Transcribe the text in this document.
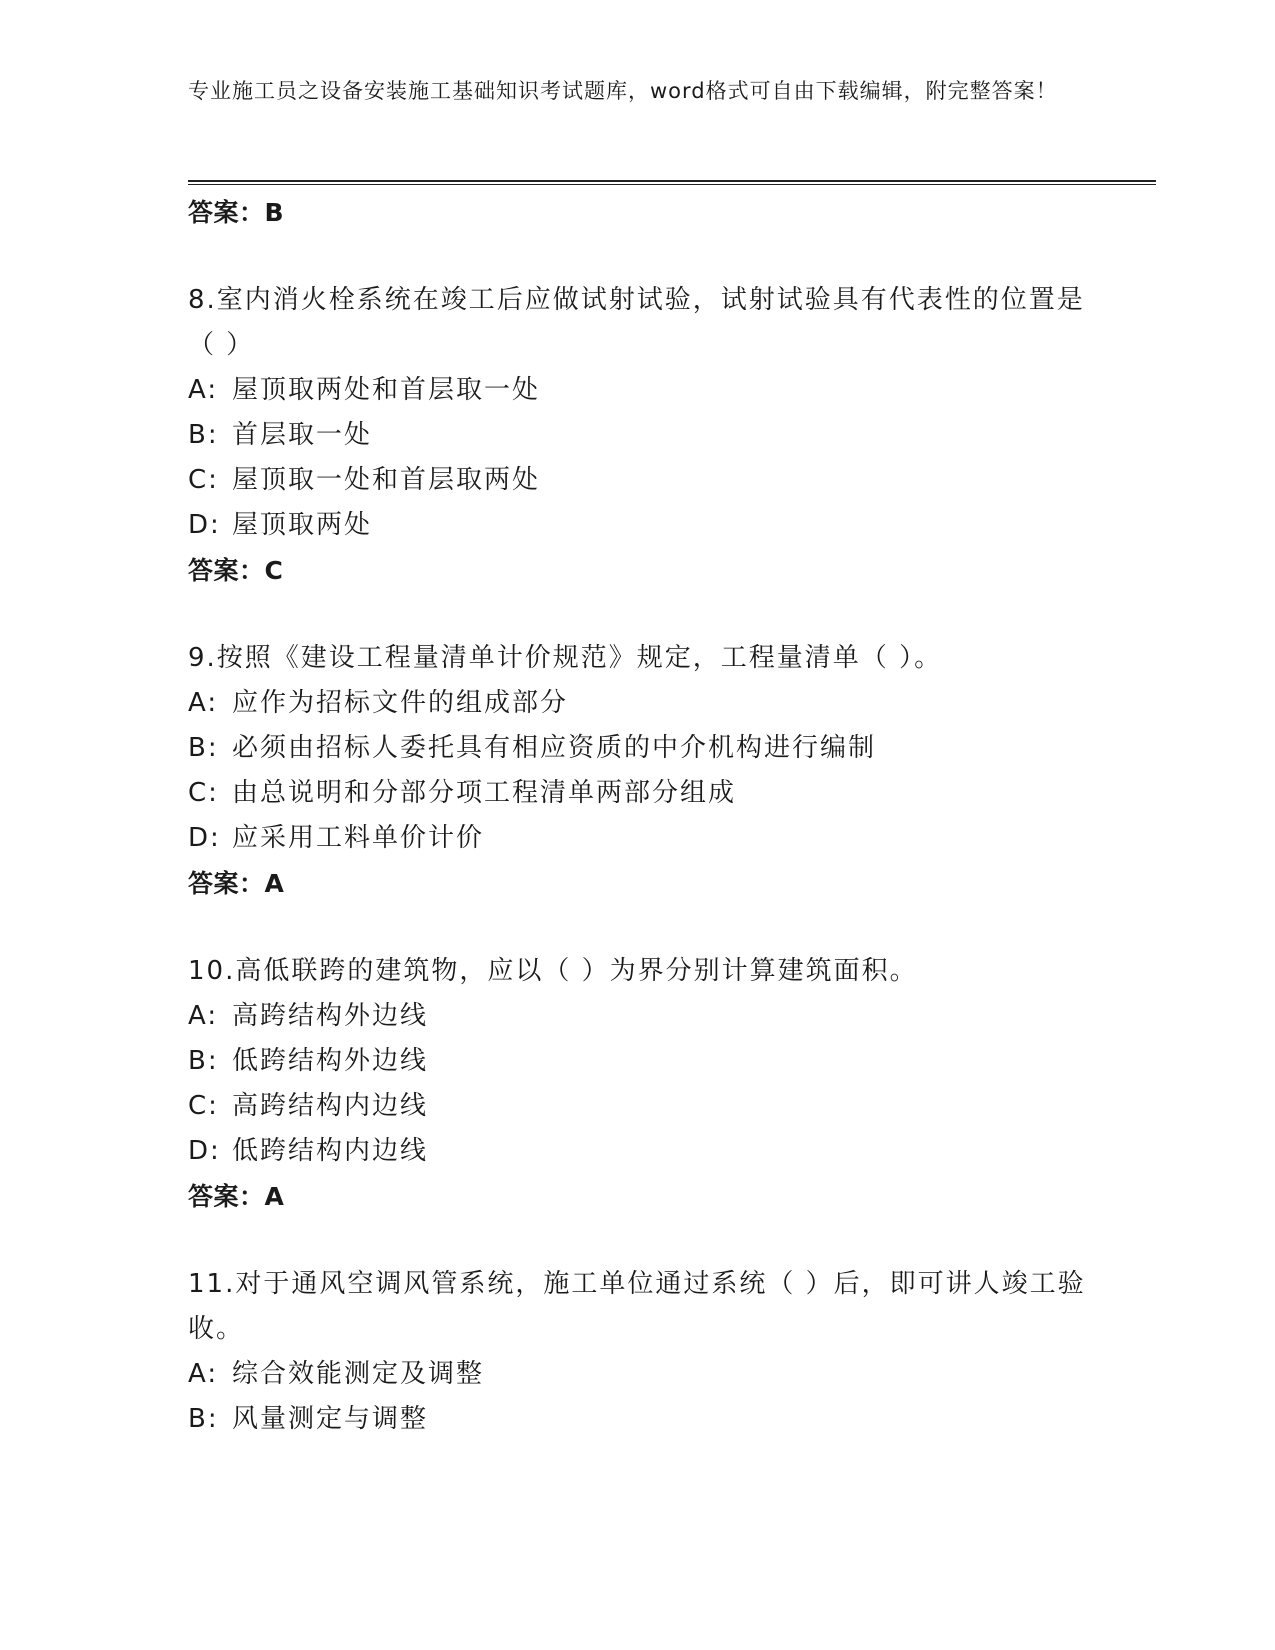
专业施工员之设备安装施工基础知识考试题库，word格式可自由下载编辑，附完整答案！
答案：B
8.室内消火栓系统在竣工后应做试射试验，试射试验具有代表性的位置是（ ）
A: 屋顶取两处和首层取一处
B: 首层取一处
C: 屋顶取一处和首层取两处
D: 屋顶取两处
答案：C
9.按照《建设工程量清单计价规范》规定，工程量清单（ ）。
A: 应作为招标文件的组成部分
B: 必须由招标人委托具有相应资质的中介机构进行编制
C: 由总说明和分部分项工程清单两部分组成
D: 应采用工料单价计价
答案：A
10.高低联跨的建筑物，应以（ ）为界分别计算建筑面积。
A: 高跨结构外边线
B: 低跨结构外边线
C: 高跨结构内边线
D: 低跨结构内边线
答案：A
11.对于通风空调风管系统，施工单位通过系统（ ）后，即可讲人竣工验收。
A: 综合效能测定及调整
B: 风量测定与调整
